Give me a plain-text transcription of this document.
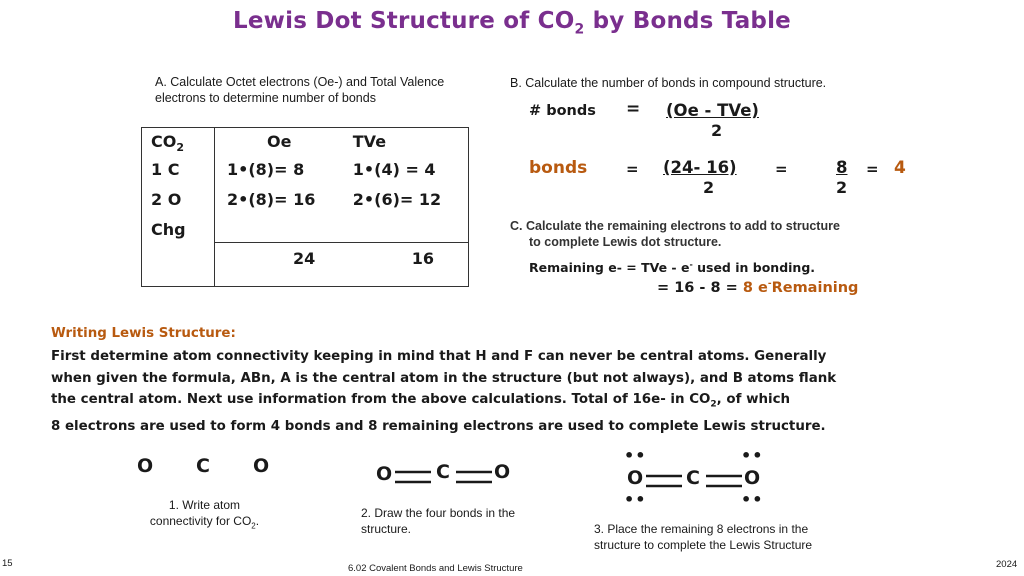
Lewis Dot Structure of $CO_2$ by Bonds Table
A. Calculate Octet electrons (Oe-) and Total Valence
electrons to determine number of bonds
$CO_2$	Oe	TVe
1 C	1•(8)= 8	1•(4) = 4
2 O	2•(8)= 16	2•(6)= 12
Chg		
	24	16
B. Calculate the number of bonds in compound structure.
# bonds = (Oe - TVe)
2
bonds	= (24- 16)
2
=	8
2
= 4
C. Calculate the remaining electrons to add to structure
to complete Lewis dot structure.
Remaining e- = TVe - e- used in bonding.
= 16 - 8 = 8 e-Remaining
Writing Lewis Structure:
First determine atom connectivity keeping in mind that H and F can never be central atoms. Generally
when given the formula, ABn, A is the central atom in the structure (but not always), and B atoms flank
the central atom. Next use information from the above calculations. Total of 16e- in $CO_2$, of which
8 electrons are used to form 4 bonds and 8 remaining electrons are used to complete Lewis structure.
O C O
1. Write atom
connectivity for $CO_2$.
O C O
2. Draw the four bonds in the
structure.
••
O
••
C
••
O
••
3. Place the remaining 8 electrons in the
structure to complete the Lewis Structure
15	6.02 Covalent Bonds and Lewis Structure	2024
